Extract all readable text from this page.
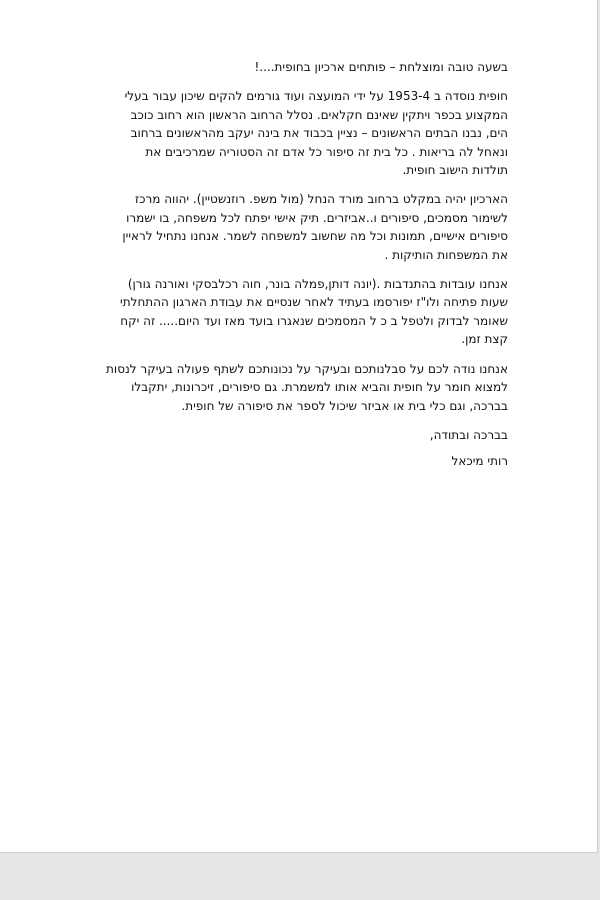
בשעה טובה ומוצלחת – פותחים ארכיון בחופית....!

חופית נוסדה ב 1953-4 על ידי המועצה ועוד גורמים להקים שיכון עבור בעלי
המקצוע בכפר ויתקין שאינם חקלאים. נסלל הרחוב הראשון הוא רחוב כוכב
הים, נבנו הבתים הראשונים – נציין בכבוד את בינה יעקב מהראשונים ברחוב
ונאחל לה בריאות . כל בית זה סיפור כל אדם זה הסטוריה שמרכיבים את
תולדות הישוב חופית.

הארכיון יהיה במקלט ברחוב מורד הנחל (מול משפ. רוזנשטיין). יהווה מרכז
לשימור מסמכים, סיפורים ו..אביזרים. תיק אישי יפתח לכל משפחה, בו ישמרו
סיפורים אישיים, תמונות וכל מה שחשוב למשפחה לשמר. אנחנו נתחיל לראיין
את המשפחות הותיקות .

אנחנו עובדות בהתנדבות .(יונה דותן,פמלה בונר, חוה רכלבסקי ואורנה גורן)
שעות פתיחה ולו"ז יפורסמו בעתיד לאחר שנסיים את עבודת הארגון ההתחלתי
שאומר לבדוק ולטפל ב כ ל המסמכים שנאגרו בועד מאז ועד היום..... זה יקח
קצת זמן.

אנחנו נודה לכם על סבלנותכם ובעיקר על נכונותכם לשתף פעולה בעיקר לנסות
למצוא חומר על חופית והביא אותו למשמרת. גם סיפורים, זיכרונות, יתקבלו
בברכה, וגם כלי בית או אביזר שיכול לספר את סיפורה של חופית.

בברכה ובתודה,

רותי מיכאל
